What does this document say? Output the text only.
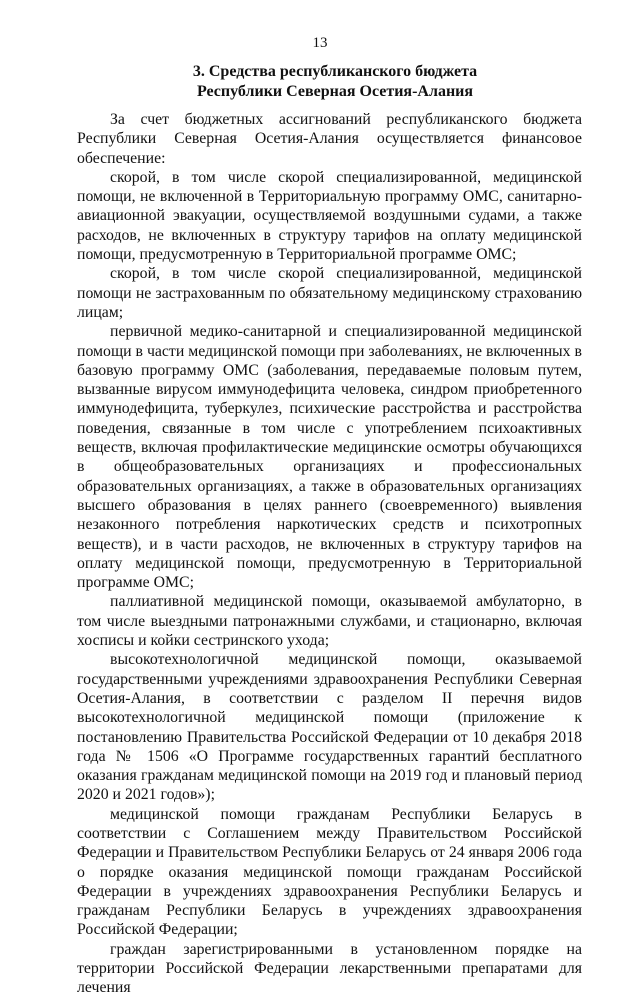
13
3. Средства республиканского бюджета
Республики Северная Осетия-Алания

За счет бюджетных ассигнований республиканского бюджета Республики Северная Осетия-Алания осуществляется финансовое обеспечение:

скорой, в том числе скорой специализированной, медицинской помощи, не включенной в Территориальную программу ОМС, санитарно-авиационной эвакуации, осуществляемой воздушными судами, а также расходов, не включенных в структуру тарифов на оплату медицинской помощи, предусмотренную в Территориальной программе ОМС;

скорой, в том числе скорой специализированной, медицинской помощи не застрахованным по обязательному медицинскому страхованию лицам;

первичной медико-санитарной и специализированной медицинской помощи в части медицинской помощи при заболеваниях, не включенных в базовую программу ОМС (заболевания, передаваемые половым путем, вызванные вирусом иммунодефицита человека, синдром приобретенного иммунодефицита, туберкулез, психические расстройства и расстройства поведения, связанные в том числе с употреблением психоактивных веществ, включая профилактические медицинские осмотры обучающихся в общеобразовательных организациях и профессиональных образовательных организациях, а также в образовательных организациях высшего образования в целях раннего (своевременного) выявления незаконного потребления наркотических средств и психотропных веществ), и в части расходов, не включенных в структуру тарифов на оплату медицинской помощи, предусмотренную в Территориальной программе ОМС;

паллиативной медицинской помощи, оказываемой амбулаторно, в том числе выездными патронажными службами, и стационарно, включая хосписы и койки сестринского ухода;

высокотехнологичной медицинской помощи, оказываемой государственными учреждениями здравоохранения Республики Северная Осетия-Алания, в соответствии с разделом II перечня видов высокотехнологичной медицинской помощи (приложение к постановлению Правительства Российской Федерации от 10 декабря 2018 года № 1506 «О Программе государственных гарантий бесплатного оказания гражданам медицинской помощи на 2019 год и плановый период 2020 и 2021 годов»);

медицинской помощи гражданам Республики Беларусь в соответствии с Соглашением между Правительством Российской Федерации и Правительством Республики Беларусь от 24 января 2006 года о порядке оказания медицинской помощи гражданам Российской Федерации в учреждениях здравоохранения Республики Беларусь и гражданам Республики Беларусь в учреждениях здравоохранения Российской Федерации;

граждан зарегистрированными в установленном порядке на территории Российской Федерации лекарственными препаратами для лечения
